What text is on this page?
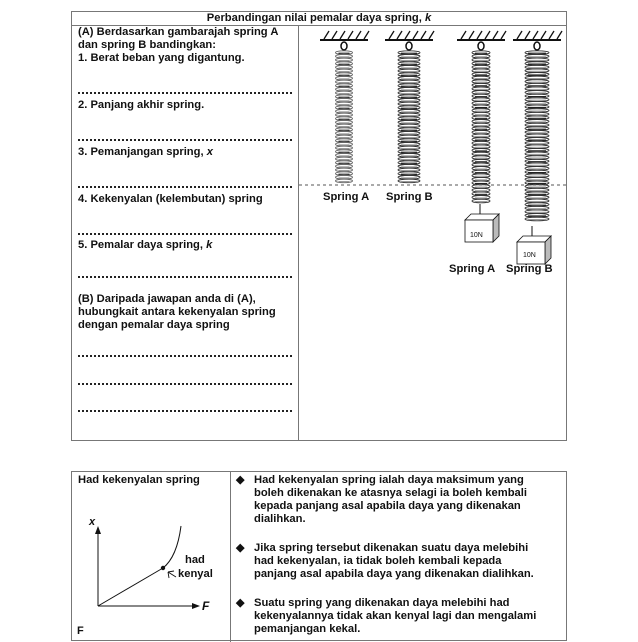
Perbandingan nilai pemalar daya spring, k
(A) Berdasarkan gambarajah spring A
dan spring B bandingkan:
1. Berat beban yang digantung.
2. Panjang akhir spring.
3. Pemanjangan spring, x
4. Kekenyalan (kelembutan) spring
5. Pemalar daya spring, k
(B) Daripada jawapan anda di (A),
hubungkait antara kekenyalan spring
dengan pemalar daya spring
Spring A Spring B
Spring A Spring B
10N
10N
Had kekenyalan spring
x
F
had
kenyal
F
◆ Had kekenyalan spring ialah daya maksimum yang
boleh dikenakan ke atasnya selagi ia boleh kembali
kepada panjang asal apabila daya yang dikenakan
dialihkan.
◆ Jika spring tersebut dikenakan suatu daya melebihi
had kekenyalan, ia tidak boleh kembali kepada
panjang asal apabila daya yang dikenakan dialihkan.
◆ Suatu spring yang dikenakan daya melebihi had
kekenyalannya tidak akan kenyal lagi dan mengalami
pemanjangan kekal.
